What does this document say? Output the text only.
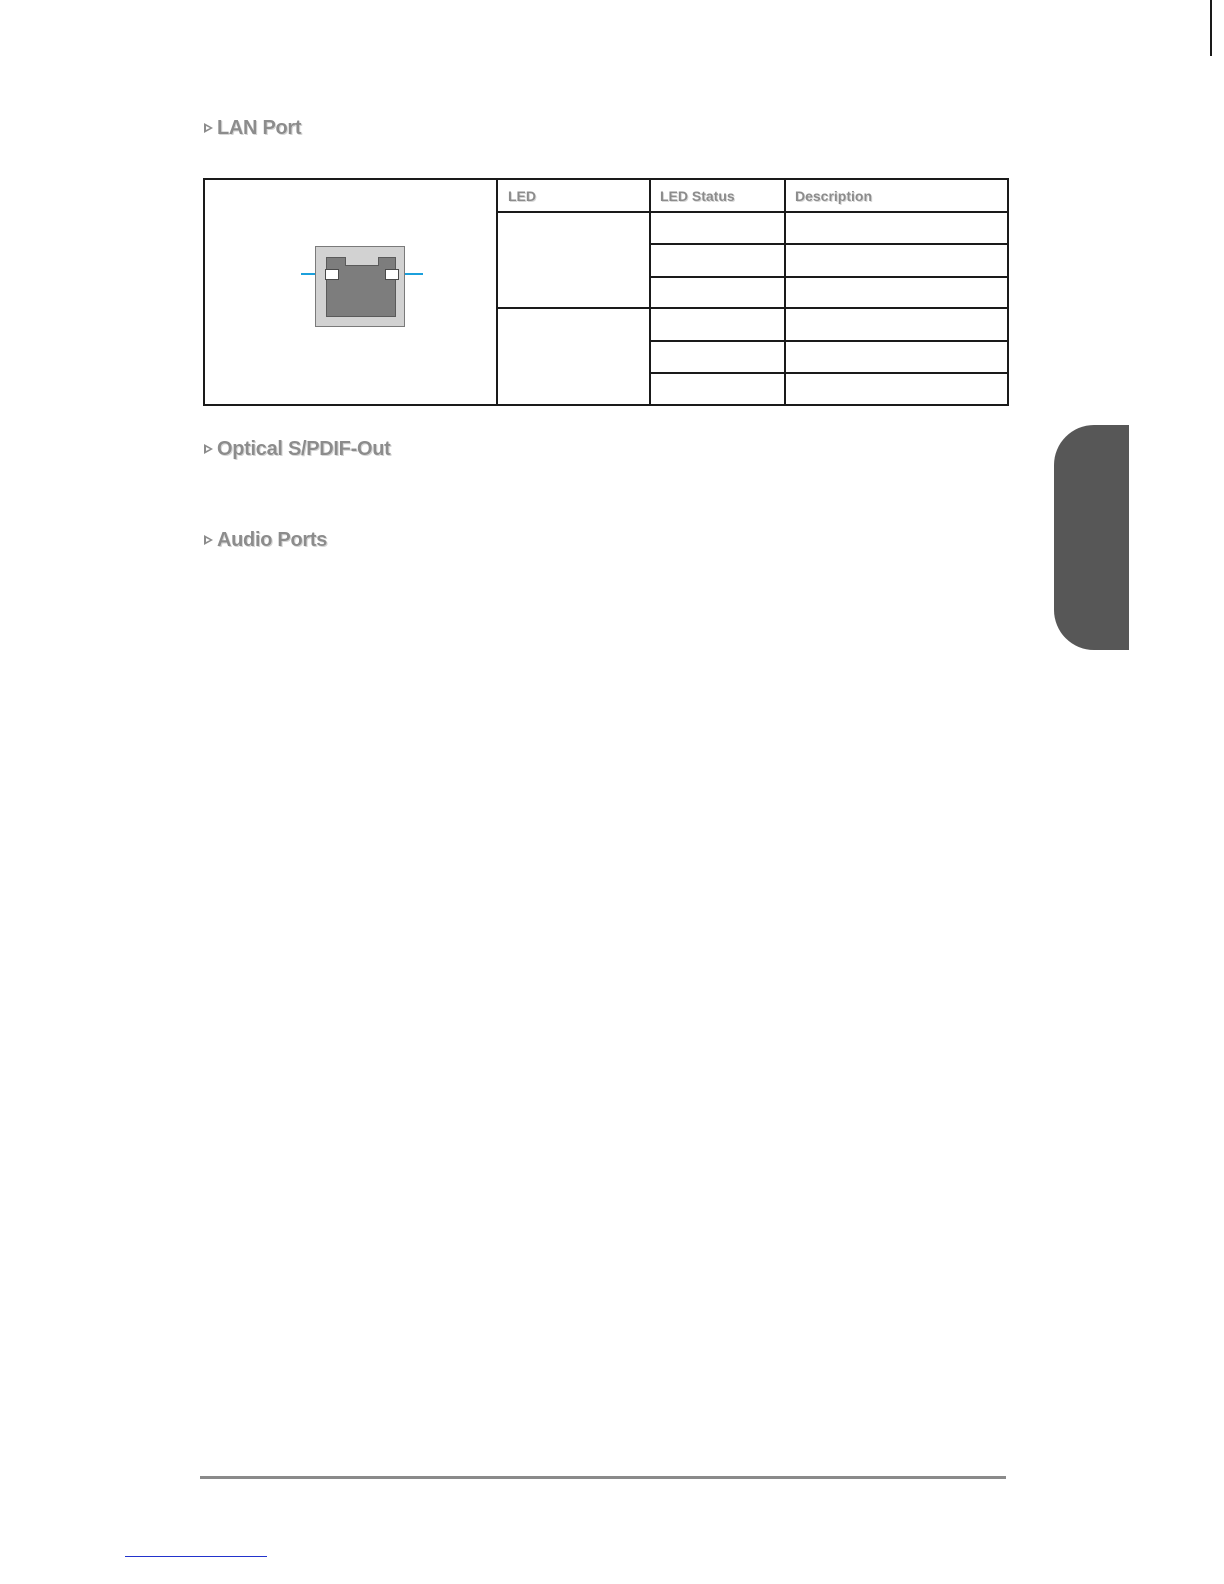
LAN Port
LED	LED Status	Description
Optical S/PDIF-Out
Audio Ports
